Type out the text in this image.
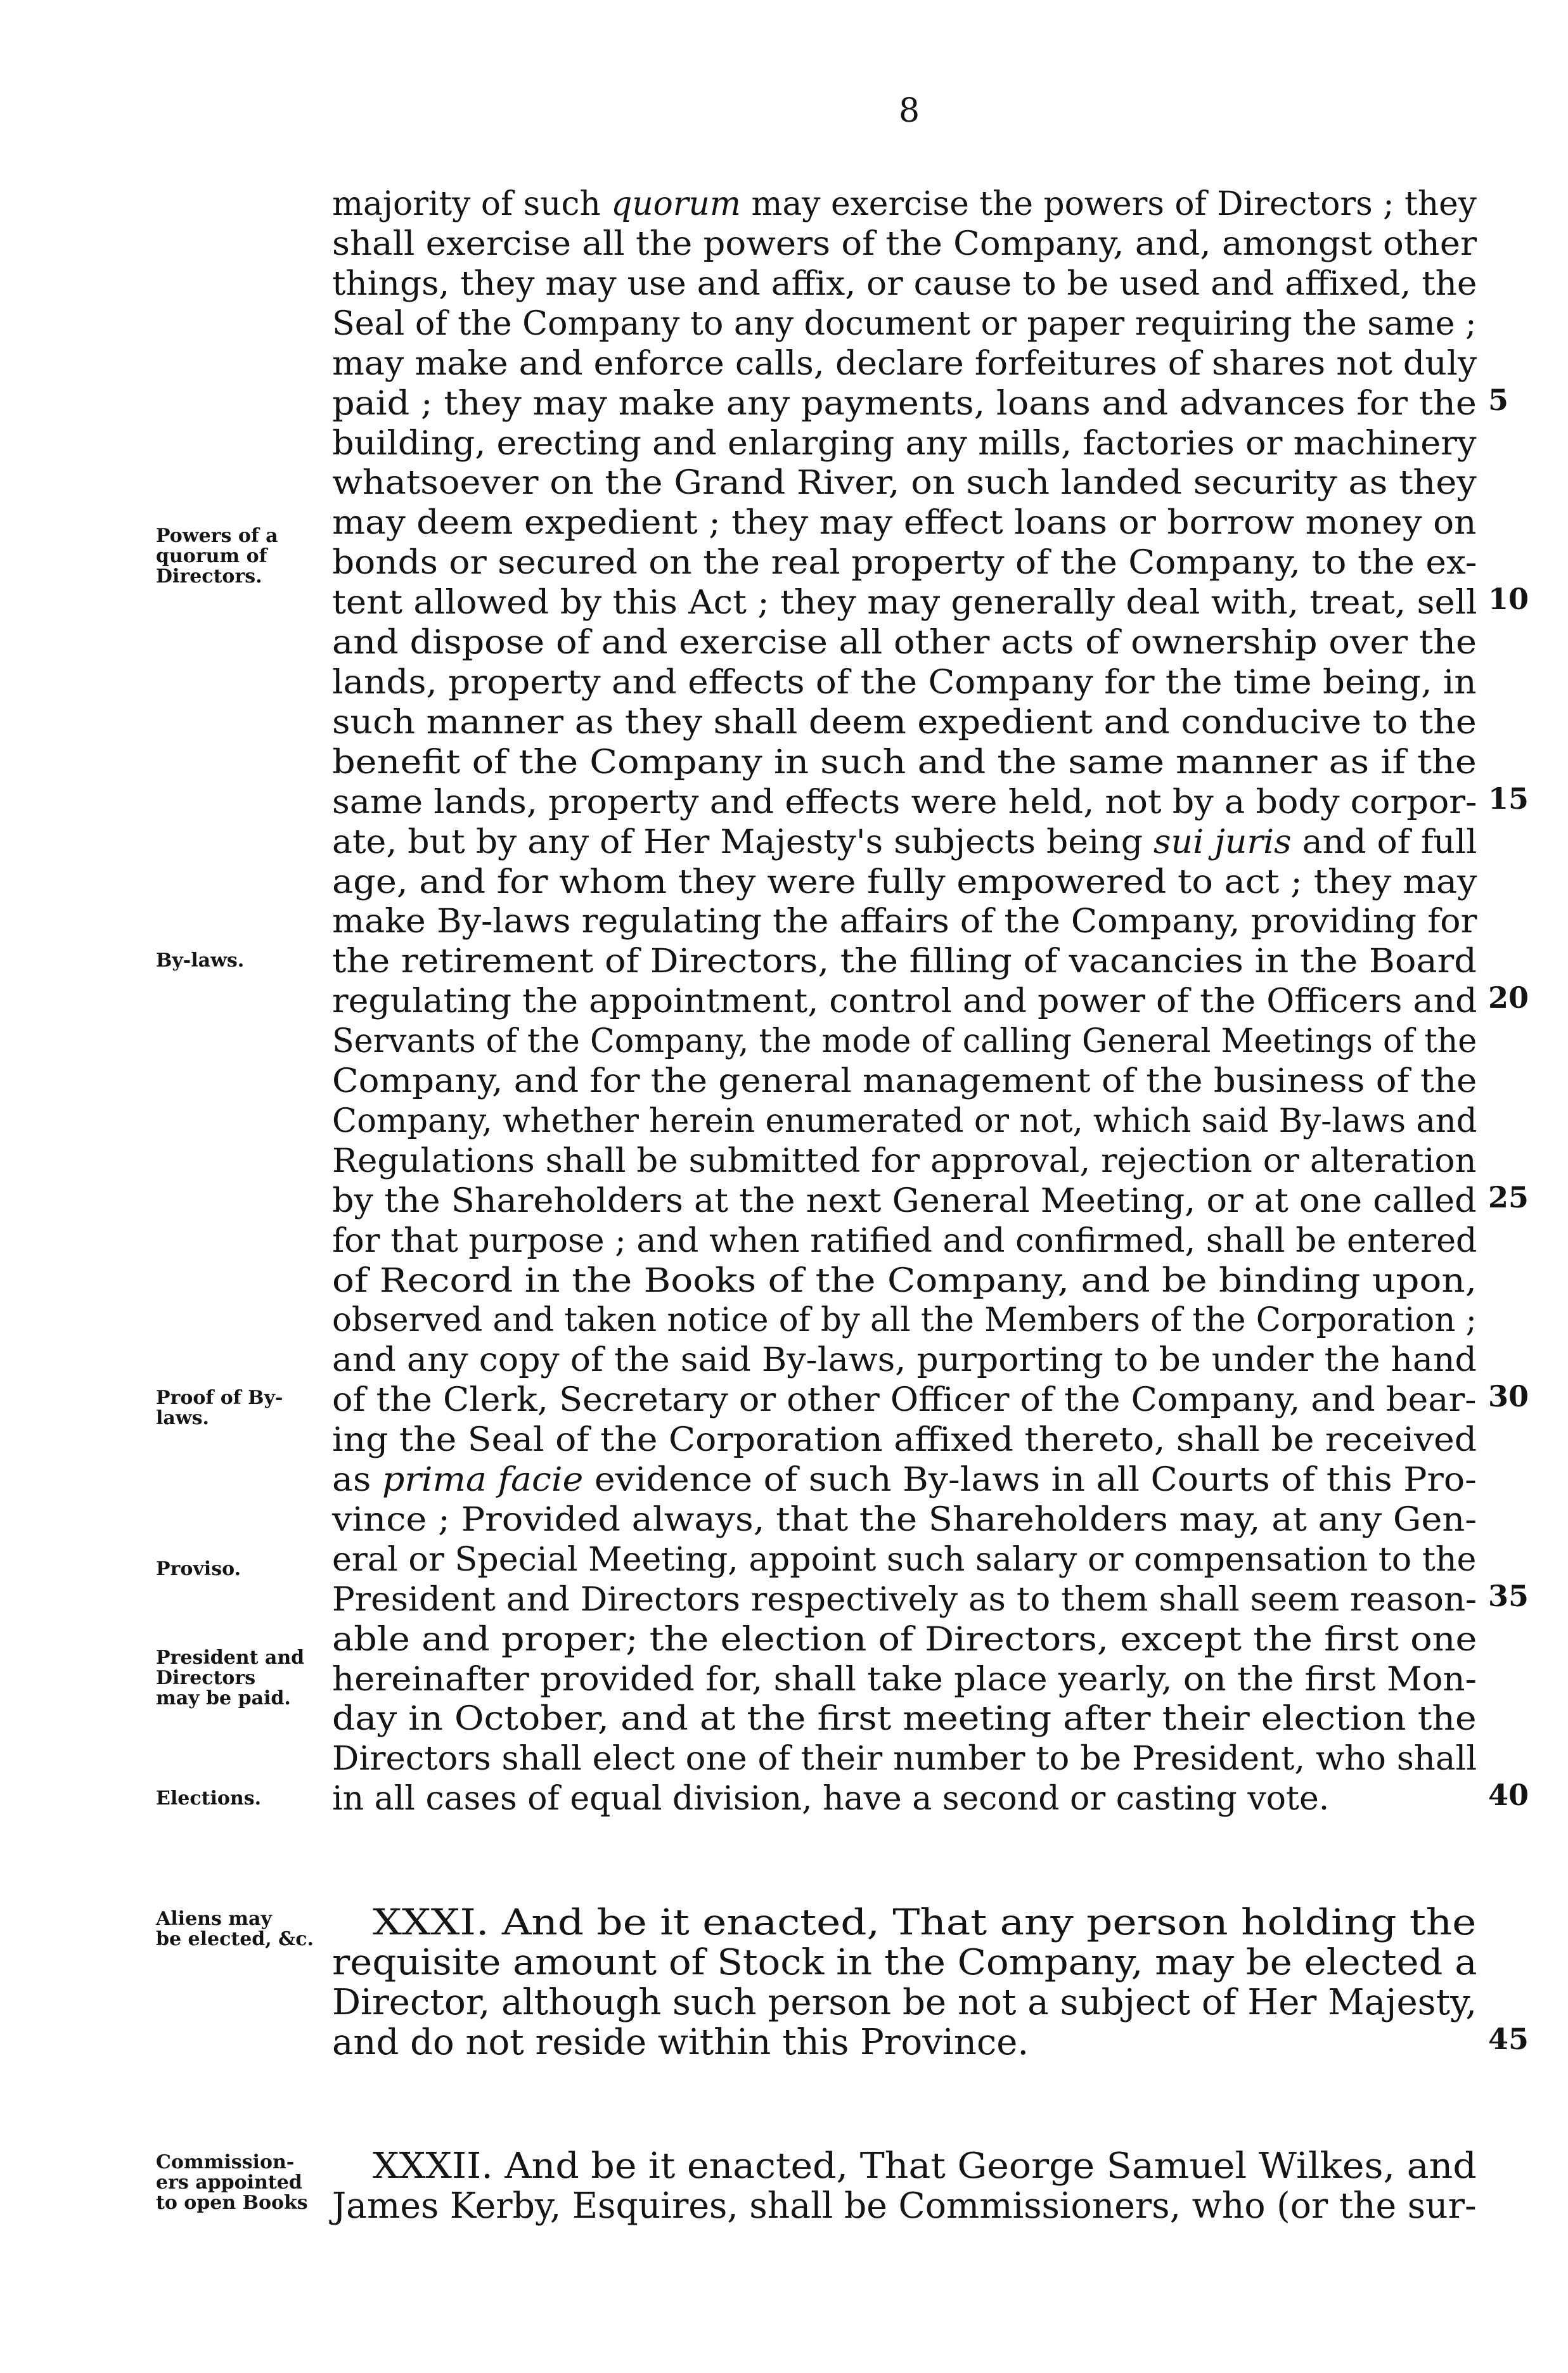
8
majority of such quorum may exercise the powers of Directors ; they
shall exercise all the powers of the Company, and, amongst other
things, they may use and affix, or cause to be used and affixed, the
Seal of the Company to any document or paper requiring the same ;
may make and enforce calls, declare forfeitures of shares not duly
paid ; they may make any payments, loans and advances for the
building, erecting and enlarging any mills, factories or machinery
whatsoever on the Grand River, on such landed security as they
may deem expedient ; they may effect loans or borrow money on
bonds or secured on the real property of the Company, to the ex-
tent allowed by this Act ; they may generally deal with, treat, sell
and dispose of and exercise all other acts of ownership over the
lands, property and effects of the Company for the time being, in
such manner as they shall deem expedient and conducive to the
benefit of the Company in such and the same manner as if the
same lands, property and effects were held, not by a body corpor-
ate, but by any of Her Majesty's subjects being sui juris and of full
age, and for whom they were fully empowered to act ; they may
make By-laws regulating the affairs of the Company, providing for
the retirement of Directors, the filling of vacancies in the Board
regulating the appointment, control and power of the Officers and
Servants of the Company, the mode of calling General Meetings of the
Company, and for the general management of the business of the
Company, whether herein enumerated or not, which said By-laws and
Regulations shall be submitted for approval, rejection or alteration
by the Shareholders at the next General Meeting, or at one called
for that purpose ; and when ratified and confirmed, shall be entered
of Record in the Books of the Company, and be binding upon,
observed and taken notice of by all the Members of the Corporation ;
and any copy of the said By-laws, purporting to be under the hand
of the Clerk, Secretary or other Officer of the Company, and bear-
ing the Seal of the Corporation affixed thereto, shall be received
as prima facie evidence of such By-laws in all Courts of this Pro-
vince ; Provided always, that the Shareholders may, at any Gen-
eral or Special Meeting, appoint such salary or compensation to the
President and Directors respectively as to them shall seem reason-
able and proper; the election of Directors, except the first one
hereinafter provided for, shall take place yearly, on the first Mon-
day in October, and at the first meeting after their election the
Directors shall elect one of their number to be President, who shall
in all cases of equal division, have a second or casting vote.
XXXI. And be it enacted, That any person holding the
requisite amount of Stock in the Company, may be elected a
Director, although such person be not a subject of Her Majesty,
and do not reside within this Province.
XXXII. And be it enacted, That George Samuel Wilkes, and
James Kerby, Esquires, shall be Commissioners, who (or the sur-
Powers of a
quorum of
Directors.
By-laws.
Proof of By-
laws.
Proviso.
President and
Directors
may be paid.
Elections.
Aliens may
be elected, &c.
Commission-
ers appointed
to open Books
5
10
15
20
25
30
35
40
45
